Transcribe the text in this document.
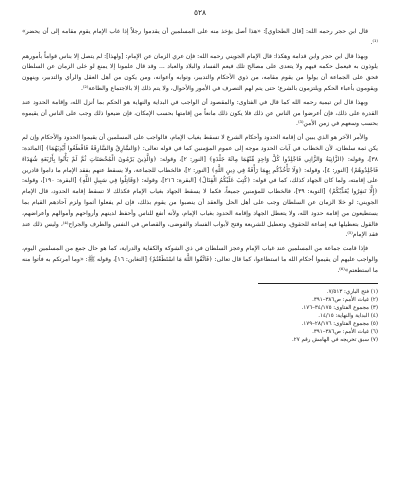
٥٢٨

قال ابن حجر رحمه الله: [قال الطحاوي]: «هذا أصل يؤخذ منه على المسلمين أن يقدموا رجلاً إذا غاب الإمام يقوم مقامه إلى أن يحضر» ⁽¹⁾.

وبهذا قال ابن حجر وابن قدامة وهكذا: قال الإمام الجويني رحمه الله: فإن عري الزمان عن الإمام: [ولهذا]: لم يتصل إلا بناس قواماً بأمورهم يلوذون به فيعمل حكمه فيهم ولا يتعدى على مصالح تلك فيعم الفساد والبلاد والعباد ... وقد قال علمونا إلا يمنع لو خلى الزمان عن السلطان فحق على الجماعة أن يولوا من يقوم مقامه، من ذوي الأحكام والتدبير، ونوابه وأعوانه، ومن يكون من أهل العقل والرأي والتدبير، وينهون ويقومون بأعباء الحكم ويلتزمون بالشرع؛ حتى يتم لهم التصرف في الأمور والأحوال، ولا يتم ذلك إلا بالاجتماع والطاعة⁽²⁾.

وبهذا قال ابن تيمية رحمه الله كما قال في الفتاوى: والمقصود أن الواجب في البداية والنهاية هو الحكم بما أنزل الله، وإقامة الحدود عند القدرة على ذلك، فإن أعرضوا من الناس عن ذلك فلا يكون ذلك مانعاً من إقامتها بحسب الإمكان، فإن ضيعوا ذلك وجب على الناس أن يقيموه بحسب وسعهم في زمن الأمن⁽³⁾.

والأمر الآخر هو الذي يبين أن إقامة الحدود وأحكام الشرع لا تسقط بغياب الإمام، فالواجب على المسلمين أن يقيموا الحدود والأحكام وإن لم يكن ثمة سلطان، لأن الخطاب في آيات الحدود موجه إلى عموم المؤمنين كما في قوله تعالى: ﴿وَالسَّارِقُ وَالسَّارِقَةُ فَاقْطَعُوا أَيْدِيَهُمَا﴾ [المائدة: ٣٨]، وقوله: ﴿الزَّانِيَةُ وَالزَّانِي فَاجْلِدُوا كُلَّ وَاحِدٍ مِّنْهُمَا مِائَةَ جَلْدَةٍ﴾ [النور: ٢]، وقوله: ﴿وَالَّذِينَ يَرْمُونَ الْمُحْصَنَاتِ ثُمَّ لَمْ يَأْتُوا بِأَرْبَعَةِ شُهَدَاءَ فَاجْلِدُوهُمْ﴾ [النور: ٤]، وقوله: ﴿وَلَا تَأْخُذْكُم بِهِمَا رَأْفَةٌ فِي دِينِ اللَّهِ﴾ [النور: ٢]، فالخطاب للجماعة، ولا يسقط عنهم بفقد الإمام ما داموا قادرين على إقامته، ولما كان الجهاد كذلك، كما في قوله: ﴿كُتِبَ عَلَيْكُمُ الْقِتَالُ﴾ [البقرة: ٢١٦]، وقوله: ﴿وَقَاتِلُوا فِي سَبِيلِ اللَّهِ﴾ [البقرة: ١٩٠]، وقوله: ﴿إِلَّا تَنفِرُوا يُعَذِّبْكُمْ﴾ [التوبة: ٣٩]، فالخطاب للمؤمنين جميعاً، فكما لا يسقط الجهاد بغياب الإمام فكذلك لا تسقط إقامة الحدود، قال الإمام الجويني: لو خلا الزمان عن السلطان وجب على أهل الحل والعقد أن ينصبوا من يقوم بذلك، فإن لم يفعلوا أثموا ولزم آحادهم القيام بما يستطيعون من إقامة حدود الله، ولا يتعطل الجهاد وإقامة الحدود بغياب الإمام، ولأنه أنفع للناس وأحفظ لدينهم وأرواحهم وأموالهم وأعراضهم، فالقول بتعطيلها فيه إضاعة للحقوق، وتعطيل للشريعة وفتح لأبواب الفساد والفوضى، والقصاص في النفس والطرف والجراح⁽⁴⁾، وليس ذلك عند فقد الإمام⁽⁵⁾.

فإذا قامت جماعة من المسلمين عند غياب الإمام وعجز السلطان في ذي الشوكة والكفاية والدراية، كما هو حال جمع من المسلمين اليوم، والواجب عليهم أن يقيموا أحكام الله ما استطاعوا، كما قال تعالى: ﴿فَاتَّقُوا اللَّهَ مَا اسْتَطَعْتُمْ﴾ [التغابن: ١٦]، وقوله ﷺ: «وما أمرتكم به فأتوا منه ما استطعتم»⁽⁶⁾.

(١) فتح الباري: ٧/٥١٣.
(٢) غياث الأمم: ص٣٨٦–٣٩١.
(٣) مجموع الفتاوى: ٣٤/١٧٥–١٧٦.
(٤) البداية والنهاية: ١٤/١٥.
(٥) مجموع الفتاوى: ٢٨/١٧٦–١٧٩.
(٦) غياث الأمم: ص٣٨٦–٣٩١.
(٧) سبق تخريجه في الهامش رقم ٢٧.
